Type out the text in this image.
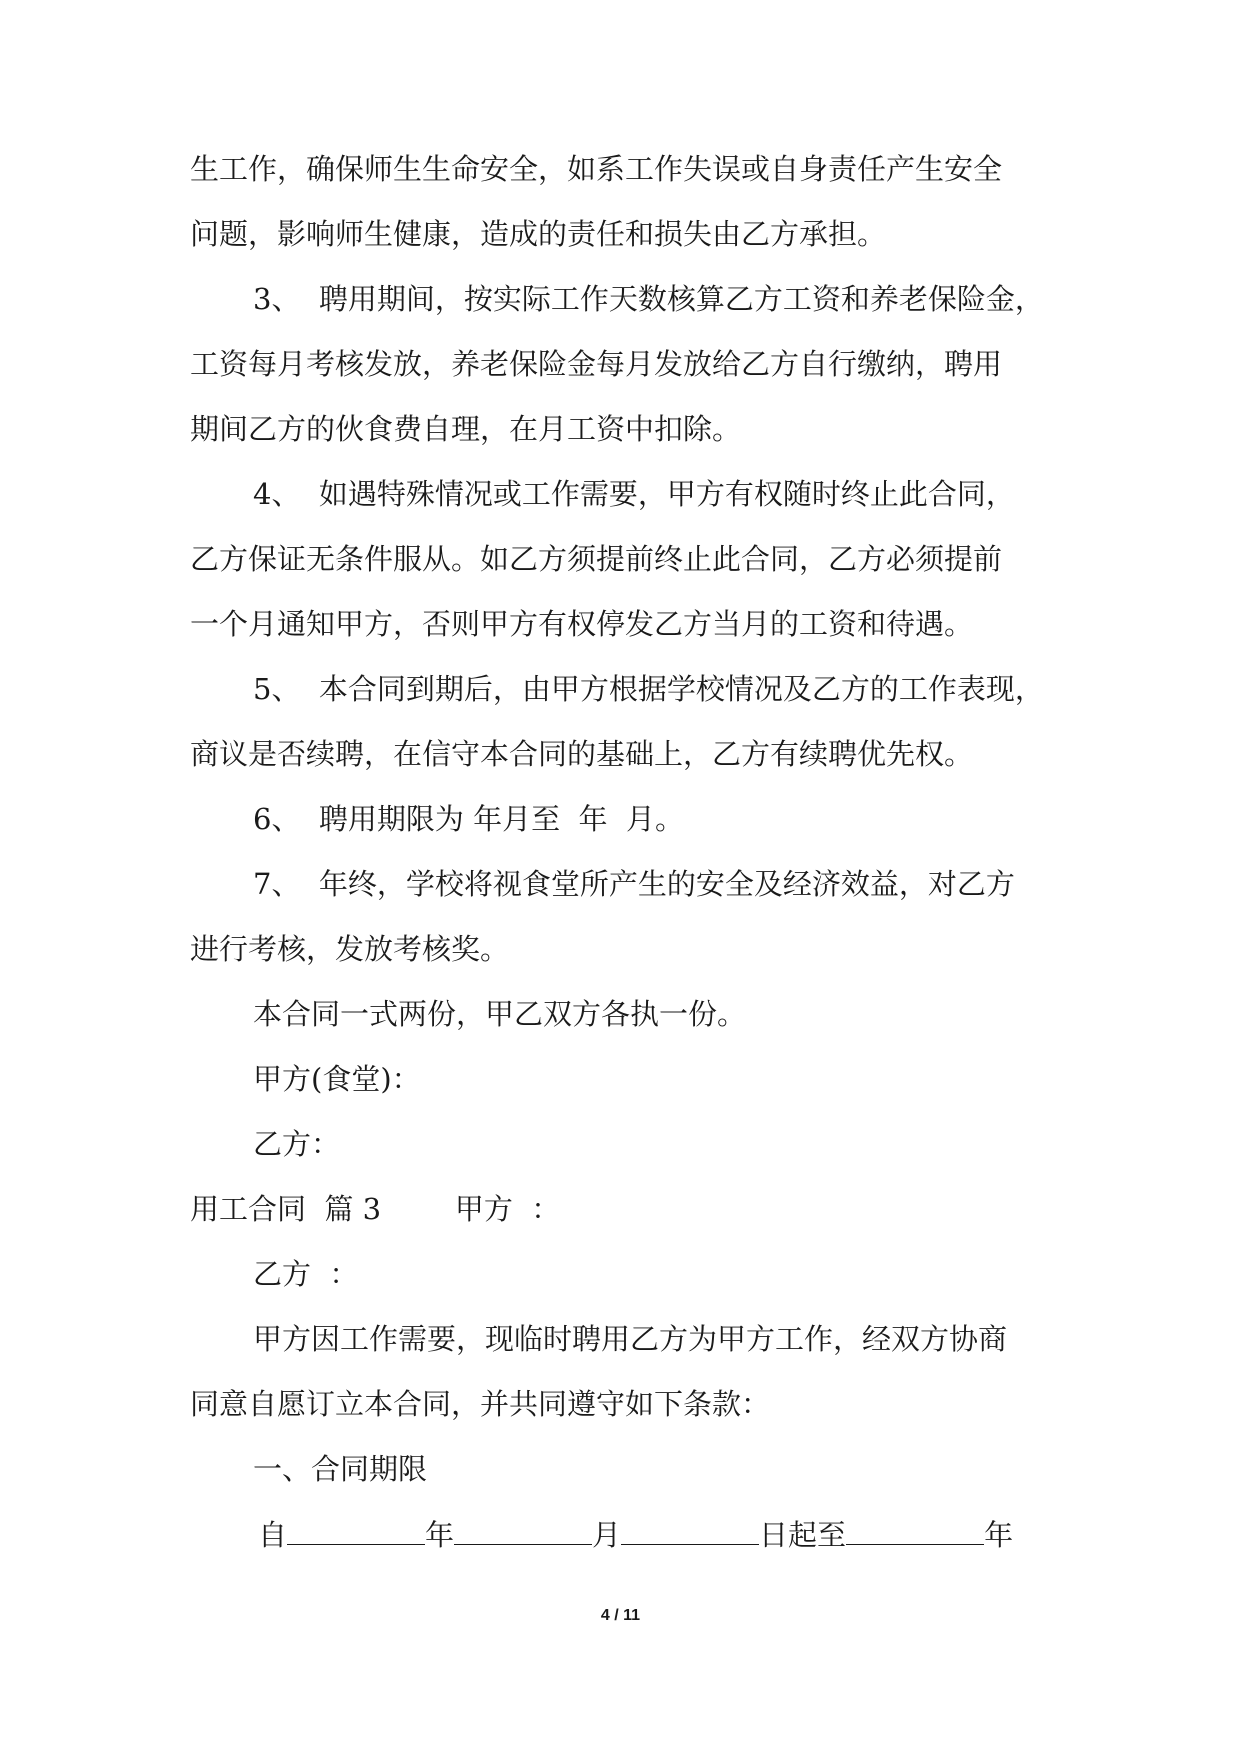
生工作，确保师生生命安全，如系工作失误或自身责任产生安全
问题，影响师生健康，造成的责任和损失由乙方承担。
3、  聘用期间，按实际工作天数核算乙方工资和养老保险金，
工资每月考核发放，养老保险金每月发放给乙方自行缴纳，聘用
期间乙方的伙食费自理，在月工资中扣除。
4、  如遇特殊情况或工作需要，甲方有权随时终止此合同，
乙方保证无条件服从。如乙方须提前终止此合同，乙方必须提前
一个月通知甲方，否则甲方有权停发乙方当月的工资和待遇。
5、  本合同到期后，由甲方根据学校情况及乙方的工作表现，
商议是否续聘，在信守本合同的基础上，乙方有续聘优先权。
6、  聘用期限为 年月至  年  月。
7、  年终，学校将视食堂所产生的安全及经济效益，对乙方
进行考核，发放考核奖。
本合同一式两份，甲乙双方各执一份。
甲方(食堂)：
乙方：
用工合同  篇 3        甲方  ：
乙方  ：
甲方因工作需要，现临时聘用乙方为甲方工作，经双方协商
同意自愿订立本合同，并共同遵守如下条款：
一、合同期限
自	年	月	日起至	年
4 / 11
